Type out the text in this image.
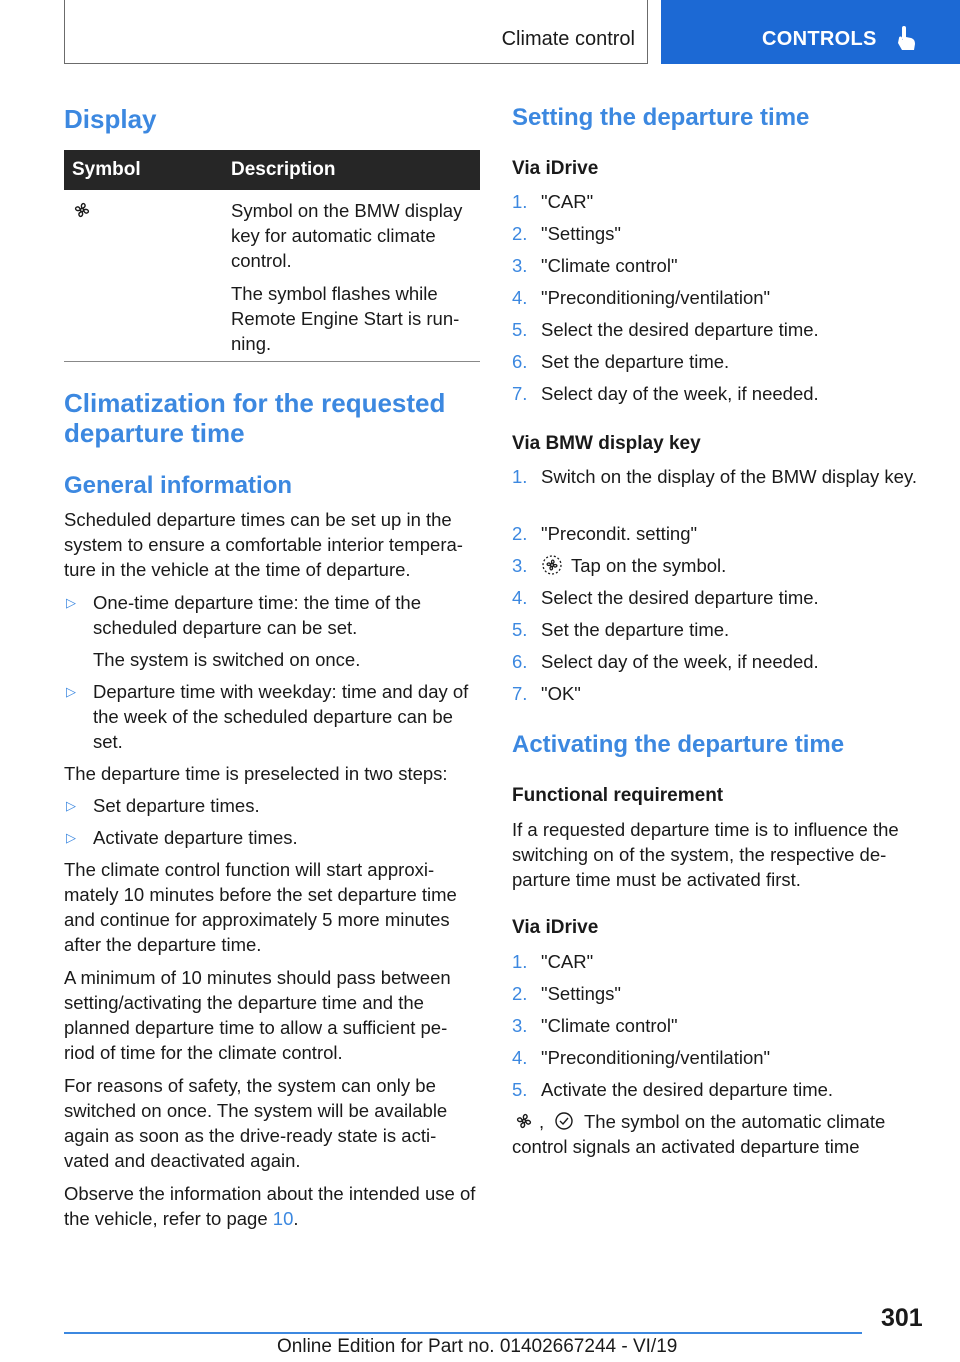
Climate control	CONTROLS
Display
Symbol	Description

Symbol on the BMW display key for automatic climate control.

The symbol flashes while Remote Engine Start is run-ning.

Climatization for the requested departure time
General information

Scheduled departure times can be set up in the system to ensure a comfortable interior tempera-ture in the vehicle at the time of departure.

▷ One-time departure time: the time of the scheduled departure can be set.

The system is switched on once.

▷ Departure time with weekday: time and day of the week of the scheduled departure can be set.

The departure time is preselected in two steps:

▷ Set departure times.
▷ Activate departure times.

The climate control function will start approxi-mately 10 minutes before the set departure time and continue for approximately 5 more minutes after the departure time.

A minimum of 10 minutes should pass between setting/activating the departure time and the planned departure time to allow a sufficient pe-riod of time for the climate control.

For reasons of safety, the system can only be switched on once. The system will be available again as soon as the drive-ready state is acti-vated and deactivated again.

Observe the information about the intended use of the vehicle, refer to page 10.

Setting the departure time
Via iDrive
1. "CAR"
2. "Settings"
3. "Climate control"
4. "Preconditioning/ventilation"
5. Select the desired departure time.
6. Set the departure time.
7. Select day of the week, if needed.
Via BMW display key
1. Switch on the display of the BMW display key.
2. "Precondit. setting"
3. Tap on the symbol.
4. Select the desired departure time.
5. Set the departure time.
6. Select day of the week, if needed.
7. "OK"
Activating the departure time
Functional requirement

If a requested departure time is to influence the switching on of the system, the respective de-parture time must be activated first.

Via iDrive
1. "CAR"
2. "Settings"
3. "Climate control"
4. "Preconditioning/ventilation"
5. Activate the desired departure time.
, The symbol on the automatic climate
control signals an activated departure time
301
Online Edition for Part no. 01402667244 - VI/19
